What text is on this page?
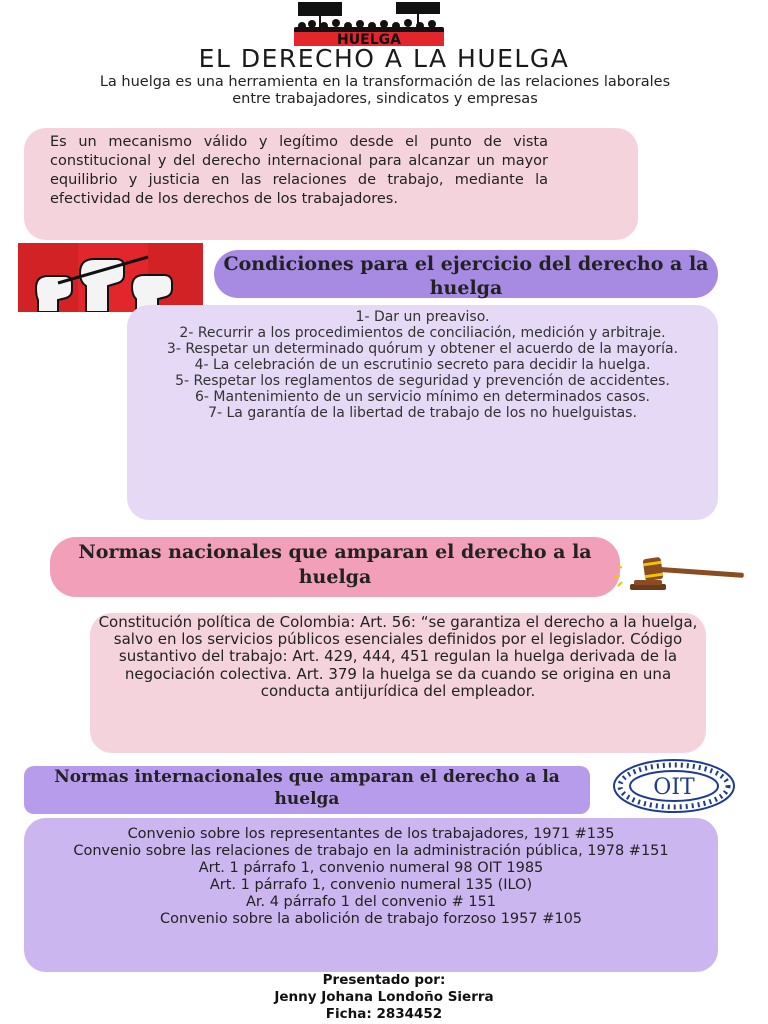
HUELGA
EL DERECHO A LA HUELGA
La huelga es una herramienta en la transformación de las relaciones laborales entre trabajadores, sindicatos y empresas
Es un mecanismo válido y legítimo desde el punto de vista constitucional y del derecho internacional para alcanzar un mayor equilibrio y justicia en las relaciones de trabajo, mediante la efectividad de los derechos de los trabajadores.
Condiciones para el ejercicio del derecho a la huelga
1- Dar un preaviso.
2- Recurrir a los procedimientos de conciliación, medición y arbitraje.
3- Respetar un determinado quórum y obtener el acuerdo de la mayoría.
4- La celebración de un escrutinio secreto para decidir la huelga.
5- Respetar los reglamentos de seguridad y prevención de accidentes.
6- Mantenimiento de un servicio mínimo en determinados casos.
7- La garantía de la libertad de trabajo de los no huelguistas.
Normas nacionales que amparan el derecho a la huelga
Constitución política de Colombia: Art. 56: “se garantiza el derecho a la huelga, salvo en los servicios públicos esenciales definidos por el legislador. Código sustantivo del trabajo: Art. 429, 444, 451 regulan la huelga derivada de la negociación colectiva. Art. 379 la huelga se da cuando se origina en una conducta antijurídica del empleador.
Normas internacionales que amparan el derecho a la huelga	OIT
Convenio sobre los representantes de los trabajadores, 1971 #135
Convenio sobre las relaciones de trabajo en la administración pública, 1978 #151
Art. 1 párrafo 1, convenio numeral 98 OIT 1985
Art. 1 párrafo 1, convenio numeral 135 (ILO)
Ar. 4 párrafo 1 del convenio # 151
Convenio sobre la abolición de trabajo forzoso 1957 #105
Presentado por:
Jenny Johana Londoño Sierra
Ficha: 2834452
